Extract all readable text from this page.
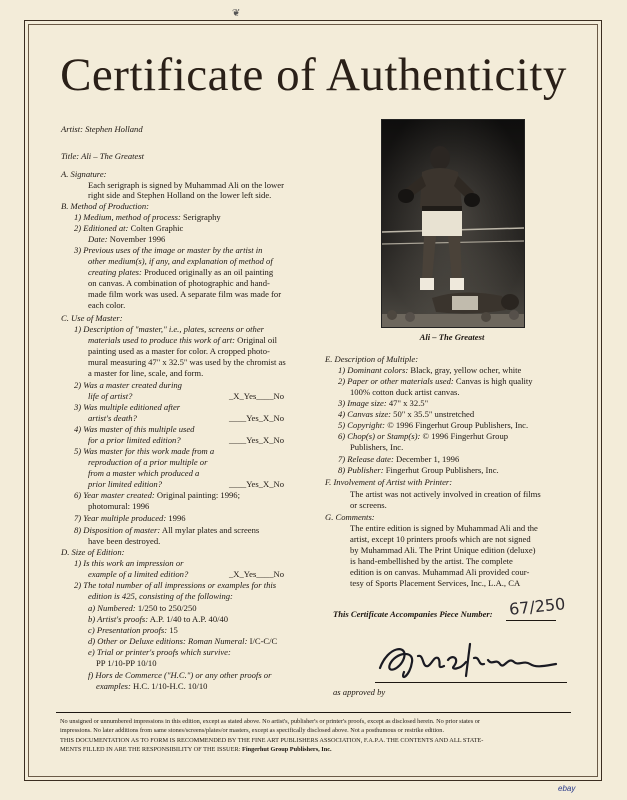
❦
Certificate of Authenticity
Artist: Stephen Holland
Title: Ali – The Greatest
A. Signature:
Each serigraph is signed by Muhammad Ali on the lower
right side and Stephen Holland on the lower left side.
B. Method of Production:
1) Medium, method of process: Serigraphy
2) Editioned at: Colten Graphic
Date: November 1996
3) Previous uses of the image or master by the artist in
other medium(s), if any, and explanation of method of
creating plates: Produced originally as an oil painting
on canvas. A combination of photographic and hand-
made film work was used. A separate film was made for
each color.
C. Use of Master:
1) Description of "master," i.e., plates, screens or other
materials used to produce this work of art: Original oil
painting used as a master for color. A cropped photo-
mural measuring 47" x 32.5" was used by the chromist as
a master for line, scale, and form.
2) Was a master created during
life of artist?	_X_Yes____No
3) Was multiple editioned after
artist's death?	____Yes_X_No
4) Was master of this multiple used
for a prior limited edition?	____Yes_X_No
5) Was master for this work made from a
reproduction of a prior multiple or
from a master which produced a
prior limited edition?	____Yes_X_No
6) Year master created: Original painting: 1996;
photomural: 1996
7) Year multiple produced: 1996
8) Disposition of master: All mylar plates and screens
have been destroyed.
D. Size of Edition:
1) Is this work an impression or
example of a limited edition?	_X_Yes____No
2) The total number of all impressions or examples for this
edition is 425, consisting of the following:
a) Numbered: 1/250 to 250/250
b) Artist's proofs: A.P. 1/40 to A.P. 40/40
c) Presentation proofs: 15
d) Other or Deluxe editions: Roman Numeral: I/C-C/C
e) Trial or printer's proofs which survive:
PP 1/10-PP 10/10
f) Hors de Commerce ("H.C.") or any other proofs or
examples: H.C. 1/10-H.C. 10/10
Ali – The Greatest
E. Description of Multiple:
1) Dominant colors: Black, gray, yellow ocher, white
2) Paper or other materials used: Canvas is high quality
100% cotton duck artist canvas.
3) Image size: 47" x 32.5"
4) Canvas size: 50" x 35.5" unstretched
5) Copyright: © 1996 Fingerhut Group Publishers, Inc.
6) Chop(s) or Stamp(s): © 1996 Fingerhut Group
Publishers, Inc.
7) Release date: December 1, 1996
8) Publisher: Fingerhut Group Publishers, Inc.
F. Involvement of Artist with Printer:
The artist was not actively involved in creation of films
or screens.
G. Comments:
The entire edition is signed by Muhammad Ali and the
artist, except 10 printers proofs which are not signed
by Muhammad Ali. The Print Unique edition (deluxe)
is hand-embellished by the artist. The complete
edition is on canvas. Muhammad Ali provided cour-
tesy of Sports Placement Services, Inc., L.A., CA
This Certificate Accompanies Piece Number: 67/250
as approved by
No unsigned or unnumbered impressions in this edition, except as stated above. No artist's, publisher's or printer's proofs, except as disclosed herein. No prior states or
impressions. No later additions from same stones/screens/plates/or masters, except as specifically disclosed above. Not a posthumous or restrike edition.
THIS DOCUMENTATION AS TO FORM IS RECOMMENDED BY THE FINE ART PUBLISHERS ASSOCIATION, F.A.P.A. THE CONTENTS AND ALL STATE-
MENTS FILLED IN ARE THE RESPONSIBILITY OF THE ISSUER: Fingerhut Group Publishers, Inc.
ebay
